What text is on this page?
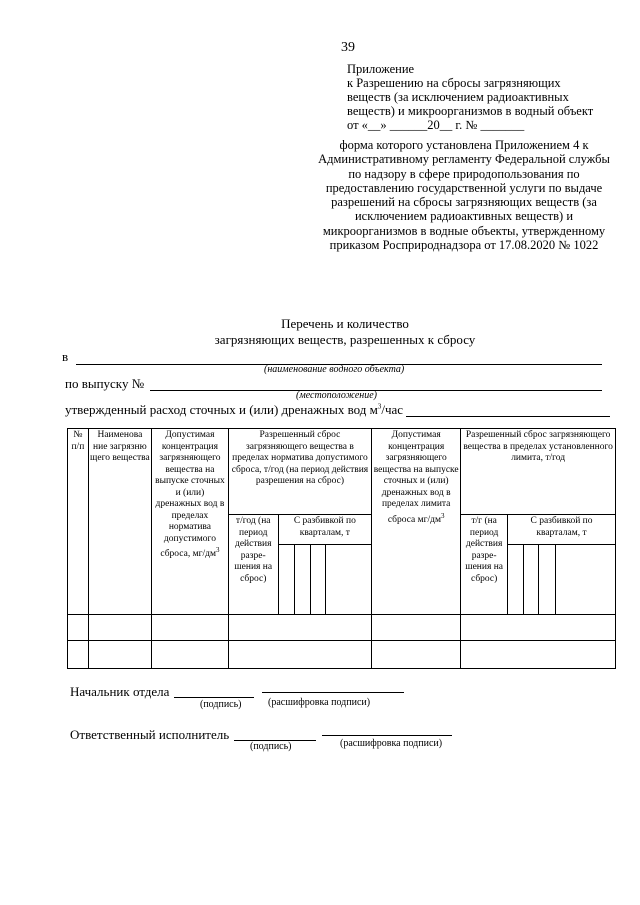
39
Приложение
к Разрешению на сбросы загрязняющих
веществ (за исключением радиоактивных
веществ) и микроорганизмов в водный объект
от «__» ______20__ г. № _______
форма которого установлена Приложением 4 к Административному регламенту Федеральной службы по надзору в сфере природопользования по предоставлению государственной услуги по выдаче разрешений на сбросы загрязняющих веществ (за исключением радиоактивных веществ) и микроорганизмов в водные объекты, утвержденному приказом Росприроднадзора от 17.08.2020 № 1022
Перечень и количество
загрязняющих веществ, разрешенных к сбросу
в
(наименование водного объекта)
по выпуску №
(местоположение)
утвержденный расход сточных и (или) дренажных вод $м^3$/час
№ п/п	Наименова ние загрязню щего вещества	Допустимая концентрация загрязняющего вещества на выпуске сточных и (или) дренажных вод в пределах норматива допустимого сброса, $мг/дм^3$	Разрешенный сброс загрязняющего вещества в пределах норматива допустимого сброса, т/год (на период действия разрешения на сброс)					Допустимая концентрация загрязняющего вещества на выпуске сточных и (или) дренажных вод в пределах лимита сброса $мг/дм^3$	Разрешенный сброс загрязняющего вещества в пределах установленного лимита, т/год				
			т/год (на период действия разре-шения на сброс)	С разбивкой по кварталам, т					т/г (на период действия разре-шения на сброс)	С разбивкой по кварталам, т			

Начальник отдела
(подпись)	(расшифровка подписи)
Ответственный исполнитель
(подпись)	(расшифровка подписи)
